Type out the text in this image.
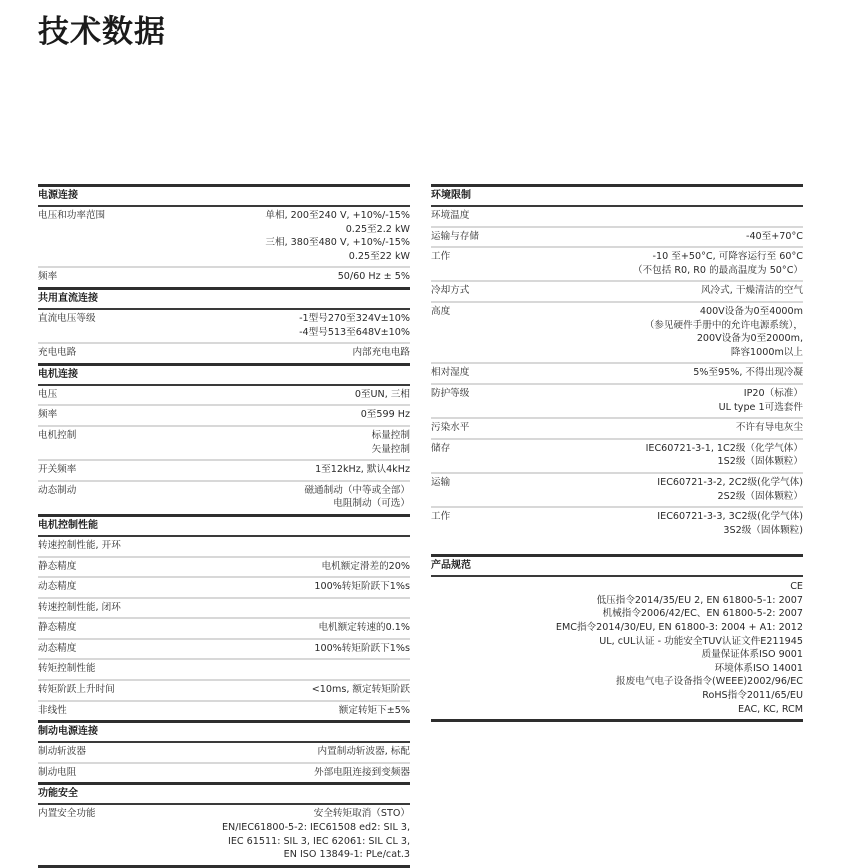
技术数据
电源连接
电压和功率范围	单相, 200至240 V, +10%/-15%
0.25至2.2 kW
三相, 380至480 V, +10%/-15%
0.25至22 kW
频率	50/60 Hz ± 5%
共用直流连接
直流电压等级	-1型号270至324V±10%
-4型号513至648V±10%
充电电路	内部充电电路
电机连接
电压	0至UN, 三相
频率	0至599 Hz
电机控制	标量控制
矢量控制
开关频率	1至12kHz, 默认4kHz
动态制动	磁通制动（中等或全部）
电阻制动（可选）
电机控制性能
转速控制性能, 开环
静态精度	电机额定滑差的20%
动态精度	100%转矩阶跃下1%s
转速控制性能, 闭环
静态精度	电机额定转速的0.1%
动态精度	100%转矩阶跃下1%s
转矩控制性能
转矩阶跃上升时间	<10ms, 额定转矩阶跃
非线性	额定转矩下±5%
制动电源连接
制动斩波器	内置制动斩波器, 标配
制动电阻	外部电阻连接到变频器
功能安全
内置安全功能	安全转矩取消（STO）
EN/IEC61800-5-2: IEC61508 ed2: SIL 3,
IEC 61511: SIL 3, IEC 62061: SIL CL 3,
EN ISO 13849-1: PLe/cat.3
环境限制
环境温度
运输与存储	-40至+70°C
工作	-10 至+50°C, 可降容运行至 60°C
（不包括 R0, R0 的最高温度为 50°C）
冷却方式	风冷式, 干燥清洁的空气
高度	400V设备为0至4000m
（参见硬件手册中的允许电源系统），
200V设备为0至2000m,
降容1000m以上
相对湿度	5%至95%, 不得出现冷凝
防护等级	IP20（标准）
UL type 1可选套件
污染水平	不许有导电灰尘
储存	IEC60721-3-1, 1C2级（化学气体）
1S2级（固体颗粒）
运输	IEC60721-3-2, 2C2级(化学气体)
2S2级（固体颗粒）
工作	IEC60721-3-3, 3C2级(化学气体)
3S2级（固体颗粒)
产品规范
CE
低压指令2014/35/EU 2, EN 61800-5-1: 2007
机械指令2006/42/EC、EN 61800-5-2: 2007
EMC指令2014/30/EU, EN 61800-3: 2004 + A1: 2012
UL, cUL认证 - 功能安全TUV认证文件E211945
质量保证体系ISO 9001
环境体系ISO 14001
报废电气电子设备指令(WEEE)2002/96/EC
RoHS指令2011/65/EU
EAC, KC, RCM
